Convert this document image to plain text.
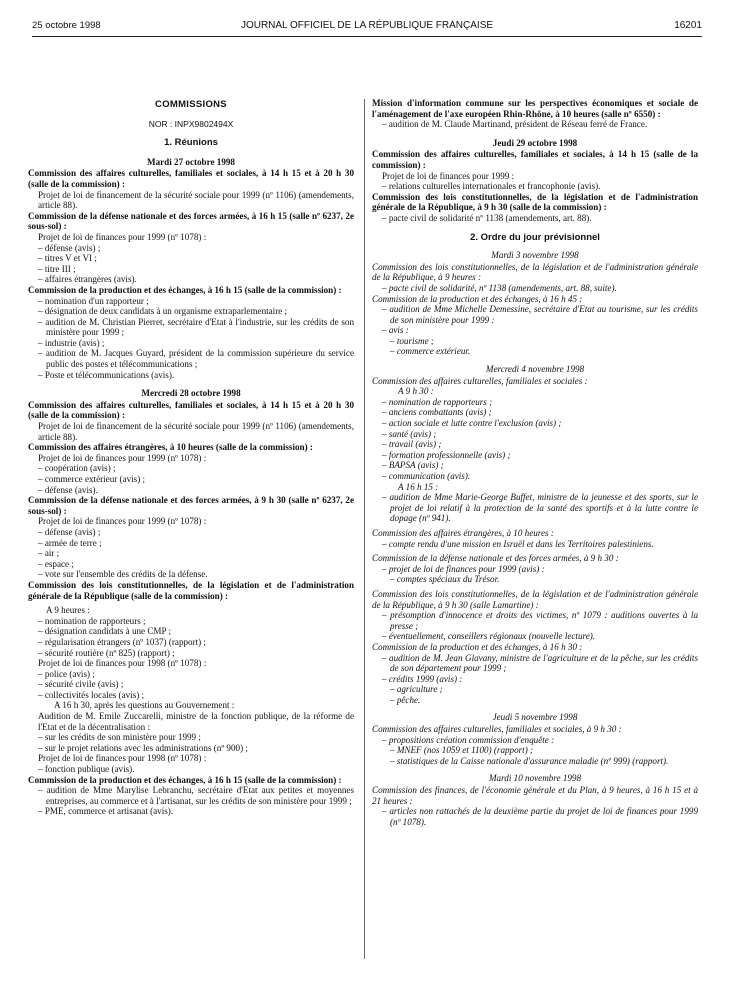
25 octobre 1998	JOURNAL OFFICIEL DE LA RÉPUBLIQUE FRANÇAISE	16201

COMMISSIONS

NOR : INPX9802494X

1. Réunions

Mardi 27 octobre 1998

Commission des affaires culturelles, familiales et sociales, à 14 h 15 et à 20 h 30 (salle de la commission) :

Projet de loi de financement de la sécurité sociale pour 1999 (nº 1106) (amendements, article 88).

Commission de la défense nationale et des forces armées, à 16 h 15 (salle nº 6237, 2e sous-sol) :

Projet de loi de finances pour 1999 (nº 1078) :

– défense (avis) ;

– titres V et VI ;

– titre III ;

– affaires étrangères (avis).

Commission de la production et des échanges, à 16 h 15 (salle de la commission) :

– nomination d'un rapporteur ;

– désignation de deux candidats à un organisme extraparlementaire ;

– audition de M. Christian Pierret, secrétaire d'Etat à l'industrie, sur les crédits de son ministère pour 1999 ;

– industrie (avis) ;

– audition de M. Jacques Guyard, président de la commission supérieure du service public des postes et télécommunications ;

– Poste et télécommunications (avis).

Mercredi 28 octobre 1998

Commission des affaires culturelles, familiales et sociales, à 14 h 15 et à 20 h 30 (salle de la commission) :

Projet de loi de financement de la sécurité sociale pour 1999 (nº 1106) (amendements, article 88).

Commission des affaires étrangères, à 10 heures (salle de la commission) :

Projet de loi de finances pour 1999 (nº 1078) :

– coopération (avis) ;

– commerce extérieur (avis) ;

– défense (avis).

Commission de la défense nationale et des forces armées, à 9 h 30 (salle nº 6237, 2e sous-sol) :

Projet de loi de finances pour 1999 (nº 1078) :

– défense (avis) ;

– armée de terre ;

– air ;

– espace ;

– vote sur l'ensemble des crédits de la défense.

Commission des lois constitutionnelles, de la législation et de l'administration générale de la République (salle de la commission) :

A 9 heures :

– nomination de rapporteurs ;

– désignation candidats à une CMP ;

– régularisation étrangers (nº 1037) (rapport) ;

– sécurité routière (nº 825) (rapport) ;

Projet de loi de finances pour 1998 (nº 1078) :

– police (avis) ;

– sécurité civile (avis) ;

– collectivités locales (avis) ;

A 16 h 30, après les questions au Gouvernement :

Audition de M. Emile Zuccarelli, ministre de la fonction publique, de la réforme de l'Etat et de la décentralisation :

– sur les crédits de son ministère pour 1999 ;

– sur le projet relations avec les administrations (nº 900) ;

Projet de loi de finances pour 1998 (nº 1078) :

– fonction publique (avis).

Commission de la production et des échanges, à 16 h 15 (salle de la commission) :

– audition de Mme Marylise Lebranchu, secrétaire d'Etat aux petites et moyennes entreprises, au commerce et à l'artisanat, sur les crédits de son ministère pour 1999 ;

– PME, commerce et artisanat (avis).

Mission d'information commune sur les perspectives économiques et sociale de l'aménagement de l'axe européen Rhin-Rhône, à 10 heures (salle nº 6550) :

– audition de M. Claude Martinand, président de Réseau ferré de France.

Jeudi 29 octobre 1998

Commission des affaires culturelles, familiales et sociales, à 14 h 15 (salle de la commission) :

Projet de loi de finances pour 1999 :

– relations culturelles internationales et francophonie (avis).

Commission des lois constitutionnelles, de la législation et de l'administration générale de la République, à 9 h 30 (salle de la commission) :

– pacte civil de solidarité nº 1138 (amendements, art. 88).

2. Ordre du jour prévisionnel

Mardi 3 novembre 1998

Commission des lois constitutionnelles, de la législation et de l'administration générale de la République, à 9 heures :

– pacte civil de solidarité, nº 1138 (amendements, art. 88, suite).

Commission de la production et des échanges, à 16 h 45 :

– audition de Mme Michelle Demessine, secrétaire d'Etat au tourisme, sur les crédits de son ministère pour 1999 :

– avis :

– tourisme ;

– commerce extérieur.

Mercredi 4 novembre 1998

Commission des affaires culturelles, familiales et sociales :

A 9 h 30 :

– nomination de rapporteurs ;

– anciens combattants (avis) ;

– action sociale et lutte contre l'exclusion (avis) ;

– santé (avis) ;

– travail (avis) ;

– formation professionnelle (avis) ;

– BAPSA (avis) ;

– communication (avis).

A 16 h 15 :

– audition de Mme Marie-George Buffet, ministre de la jeunesse et des sports, sur le projet de loi relatif à la protection de la santé des sportifs et à la lutte contre le dopage (nº 941).

Commission des affaires étrangères, à 10 heures :

– compte rendu d'une mission en Israël et dans les Territoires palestiniens.

Commission de la défense nationale et des forces armées, à 9 h 30 :

– projet de loi de finances pour 1999 (avis) :

– comptes spéciaux du Trésor.

Commission des lois constitutionnelles, de la législation et de l'administration générale de la République, à 9 h 30 (salle Lamartine) :

– présomption d'innocence et droits des victimes, nº 1079 : auditions ouvertes à la presse ;

– éventuellement, conseillers régionaux (nouvelle lecture).

Commission de la production et des échanges, à 16 h 30 :

– audition de M. Jean Glavany, ministre de l'agriculture et de la pêche, sur les crédits de son département pour 1999 ;

– crédits 1999 (avis) :

– agriculture ;

– pêche.

Jeudi 5 novembre 1998

Commission des affaires culturelles, familiales et sociales, à 9 h 30 :

– propositions création commission d'enquête :

– MNEF (nos 1059 et 1100) (rapport) ;

– statistiques de la Caisse nationale d'assurance maladie (nº 999) (rapport).

Mardi 10 novembre 1998

Commission des finances, de l'économie générale et du Plan, à 9 heures, à 16 h 15 et à 21 heures :

– articles non rattachés de la deuxième partie du projet de loi de finances pour 1999 (nº 1078).
